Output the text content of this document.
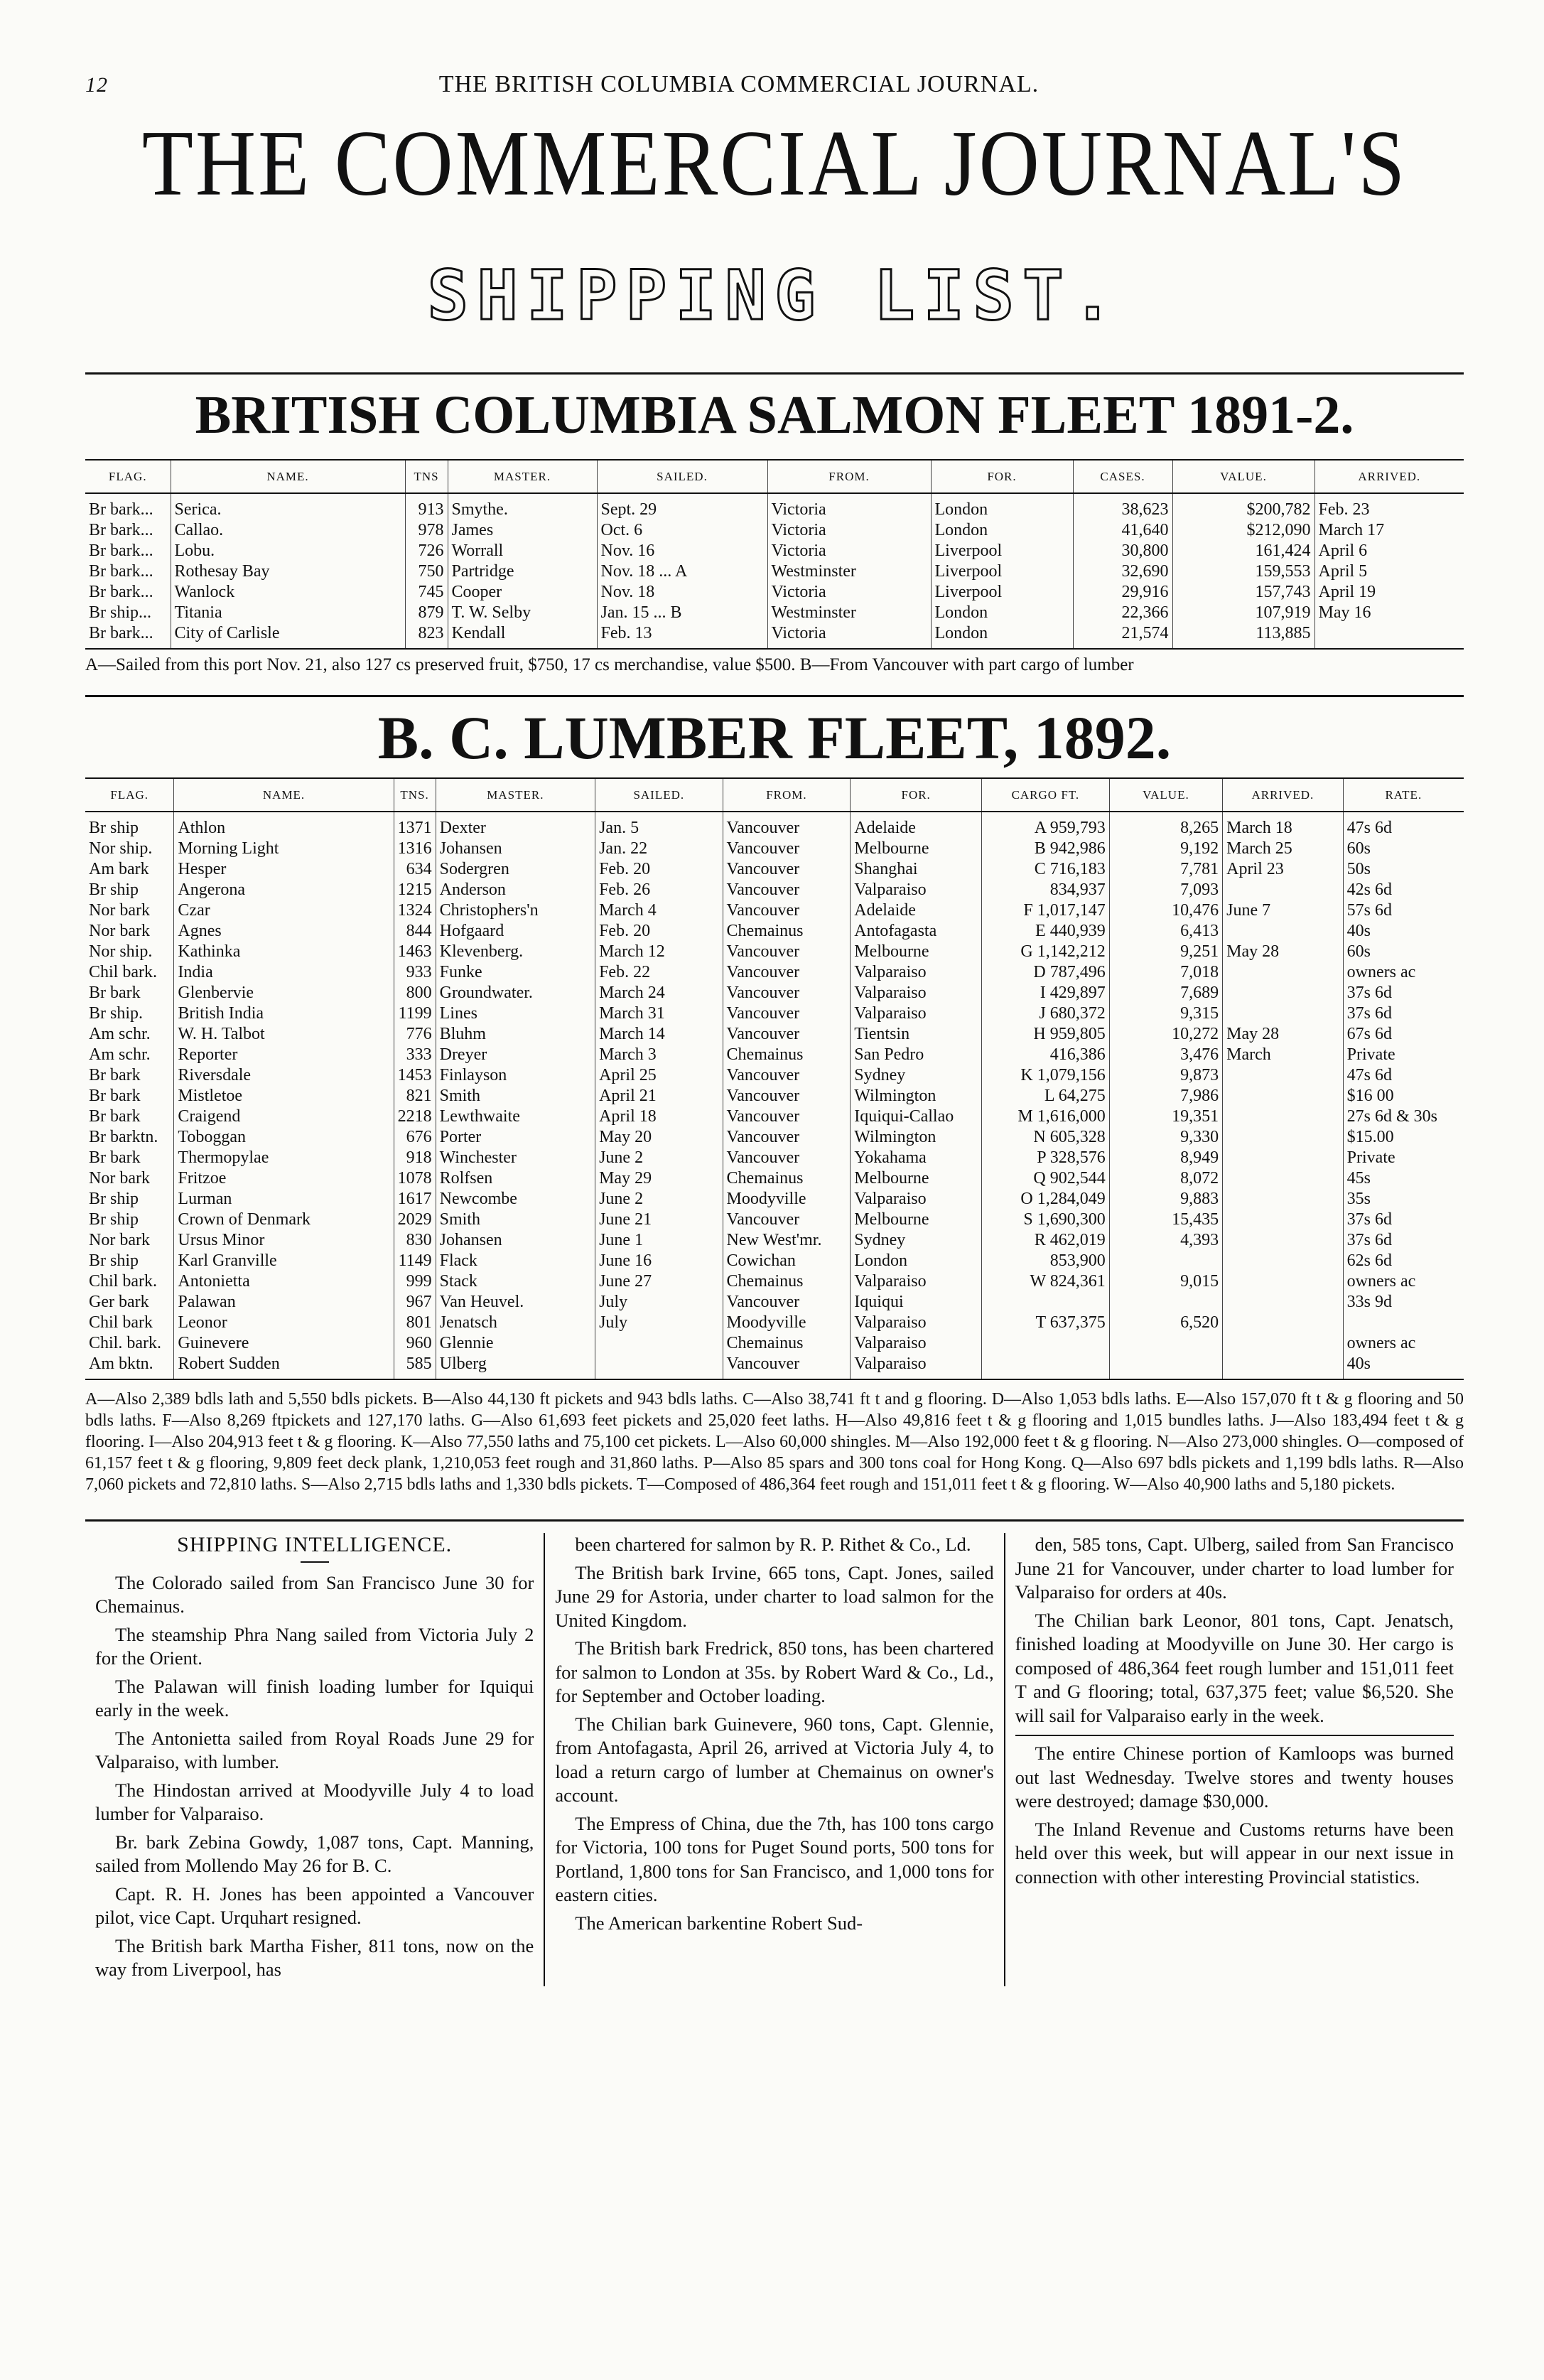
12	THE BRITISH COLUMBIA COMMERCIAL JOURNAL.
THE COMMERCIAL JOURNAL'S
SHIPPING LIST.
BRITISH COLUMBIA SALMON FLEET 1891-2.
FLAG.	NAME.	TNS	MASTER.	SAILED.	FROM.	FOR.	CASES.	VALUE.	ARRIVED.
Br bark...	Serica.	913	Smythe.	Sept. 29	Victoria	London	38,623	$200,782	Feb. 23
Br bark...	Callao.	978	James	Oct. 6	Victoria	London	41,640	$212,090	March 17
Br bark...	Lobu.	726	Worrall	Nov. 16	Victoria	Liverpool	30,800	161,424	April 6
Br bark...	Rothesay Bay	750	Partridge	Nov. 18 ... A	Westminster	Liverpool	32,690	159,553	April 5
Br bark...	Wanlock	745	Cooper	Nov. 18	Victoria	Liverpool	29,916	157,743	April 19
Br ship...	Titania	879	T. W. Selby	Jan. 15 ... B	Westminster	London	22,366	107,919	May 16
Br bark...	City of Carlisle	823	Kendall	Feb. 13	Victoria	London	21,574	113,885	
A—Sailed from this port Nov. 21, also 127 cs preserved fruit, $750, 17 cs merchandise, value $500. B—From Vancouver with part cargo of lumber
B. C. LUMBER FLEET, 1892.
FLAG.	NAME.	TNS.	MASTER.	SAILED.	FROM.	FOR.	CARGO FT.	VALUE.	ARRIVED.	RATE.
Br ship	Athlon	1371	Dexter	Jan. 5	Vancouver	Adelaide	A 959,793	8,265	March 18	47s 6d
Nor ship.	Morning Light	1316	Johansen	Jan. 22	Vancouver	Melbourne	B 942,986	9,192	March 25	60s
Am bark	Hesper	634	Sodergren	Feb. 20	Vancouver	Shanghai	C 716,183	7,781	April 23	50s
Br ship	Angerona	1215	Anderson	Feb. 26	Vancouver	Valparaiso	834,937	7,093		42s 6d
Nor bark	Czar	1324	Christophers'n	March 4	Vancouver	Adelaide	F 1,017,147	10,476	June 7	57s 6d
Nor bark	Agnes	844	Hofgaard	Feb. 20	Chemainus	Antofagasta	E 440,939	6,413		40s
Nor ship.	Kathinka	1463	Klevenberg.	March 12	Vancouver	Melbourne	G 1,142,212	9,251	May 28	60s
Chil bark.	India	933	Funke	Feb. 22	Vancouver	Valparaiso	D 787,496	7,018		owners ac
Br bark	Glenbervie	800	Groundwater.	March 24	Vancouver	Valparaiso	I 429,897	7,689		37s 6d
Br ship.	British India	1199	Lines	March 31	Vancouver	Valparaiso	J 680,372	9,315		37s 6d
Am schr.	W. H. Talbot	776	Bluhm	March 14	Vancouver	Tientsin	H 959,805	10,272	May 28	67s 6d
Am schr.	Reporter	333	Dreyer	March 3	Chemainus	San Pedro	416,386	3,476	March	Private
Br bark	Riversdale	1453	Finlayson	April 25	Vancouver	Sydney	K 1,079,156	9,873		47s 6d
Br bark	Mistletoe	821	Smith	April 21	Vancouver	Wilmington	L 64,275	7,986		$16 00
Br bark	Craigend	2218	Lewthwaite	April 18	Vancouver	Iquiqui-Callao	M 1,616,000	19,351		27s 6d & 30s
Br barktn.	Toboggan	676	Porter	May 20	Vancouver	Wilmington	N 605,328	9,330		$15.00
Br bark	Thermopylae	918	Winchester	June 2	Vancouver	Yokahama	P 328,576	8,949		Private
Nor bark	Fritzoe	1078	Rolfsen	May 29	Chemainus	Melbourne	Q 902,544	8,072		45s
Br ship	Lurman	1617	Newcombe	June 2	Moodyville	Valparaiso	O 1,284,049	9,883		35s
Br ship	Crown of Denmark	2029	Smith	June 21	Vancouver	Melbourne	S 1,690,300	15,435		37s 6d
Nor bark	Ursus Minor	830	Johansen	June 1	New West'mr.	Sydney	R 462,019	4,393		37s 6d
Br ship	Karl Granville	1149	Flack	June 16	Cowichan	London	853,900			62s 6d
Chil bark.	Antonietta	999	Stack	June 27	Chemainus	Valparaiso	W 824,361	9,015		owners ac
Ger bark	Palawan	967	Van Heuvel.	July	Vancouver	Iquiqui				33s 9d
Chil bark	Leonor	801	Jenatsch	July	Moodyville	Valparaiso	T 637,375	6,520		
Chil. bark.	Guinevere	960	Glennie		Chemainus	Valparaiso				owners ac
Am bktn.	Robert Sudden	585	Ulberg		Vancouver	Valparaiso				40s
A—Also 2,389 bdls lath and 5,550 bdls pickets. B—Also 44,130 ft pickets and 943 bdls laths. C—Also 38,741 ft t and g flooring. D—Also 1,053 bdls laths. E—Also 157,070 ft t & g flooring and 50 bdls laths. F—Also 8,269 ftpickets and 127,170 laths. G—Also 61,693 feet pickets and 25,020 feet laths. H—Also 49,816 feet t & g flooring and 1,015 bundles laths. J—Also 183,494 feet t & g flooring. I—Also 204,913 feet t & g flooring. K—Also 77,550 laths and 75,100 cet pickets. L—Also 60,000 shingles. M—Also 192,000 feet t & g flooring. N—Also 273,000 shingles. O—composed of 61,157 feet t & g flooring, 9,809 feet deck plank, 1,210,053 feet rough and 31,860 laths. P—Also 85 spars and 300 tons coal for Hong Kong. Q—Also 697 bdls pickets and 1,199 bdls laths. R—Also 7,060 pickets and 72,810 laths. S—Also 2,715 bdls laths and 1,330 bdls pickets. T—Composed of 486,364 feet rough and 151,011 feet t & g flooring. W—Also 40,900 laths and 5,180 pickets.
SHIPPING INTELLIGENCE.

The Colorado sailed from San Francisco June 30 for Chemainus.

The steamship Phra Nang sailed from Victoria July 2 for the Orient.

The Palawan will finish loading lumber for Iquiqui early in the week.

The Antonietta sailed from Royal Roads June 29 for Valparaiso, with lumber.

The Hindostan arrived at Moodyville July 4 to load lumber for Valparaiso.

Br. bark Zebina Gowdy, 1,087 tons, Capt. Manning, sailed from Mollendo May 26 for B. C.

Capt. R. H. Jones has been appointed a Vancouver pilot, vice Capt. Urquhart resigned.

The British bark Martha Fisher, 811 tons, now on the way from Liverpool, has

been chartered for salmon by R. P. Rithet & Co., Ld.

The British bark Irvine, 665 tons, Capt. Jones, sailed June 29 for Astoria, under charter to load salmon for the United Kingdom.

The British bark Fredrick, 850 tons, has been chartered for salmon to London at 35s. by Robert Ward & Co., Ld., for September and October loading.

The Chilian bark Guinevere, 960 tons, Capt. Glennie, from Antofagasta, April 26, arrived at Victoria July 4, to load a return cargo of lumber at Chemainus on owner's account.

The Empress of China, due the 7th, has 100 tons cargo for Victoria, 100 tons for Puget Sound ports, 500 tons for Portland, 1,800 tons for San Francisco, and 1,000 tons for eastern cities.

The American barkentine Robert Sud-

den, 585 tons, Capt. Ulberg, sailed from San Francisco June 21 for Vancouver, under charter to load lumber for Valparaiso for orders at 40s.

The Chilian bark Leonor, 801 tons, Capt. Jenatsch, finished loading at Moodyville on June 30. Her cargo is composed of 486,364 feet rough lumber and 151,011 feet T and G flooring; total, 637,375 feet; value $6,520. She will sail for Valparaiso early in the week.

The entire Chinese portion of Kamloops was burned out last Wednesday. Twelve stores and twenty houses were destroyed; damage $30,000.

The Inland Revenue and Customs returns have been held over this week, but will appear in our next issue in connection with other interesting Provincial statistics.
